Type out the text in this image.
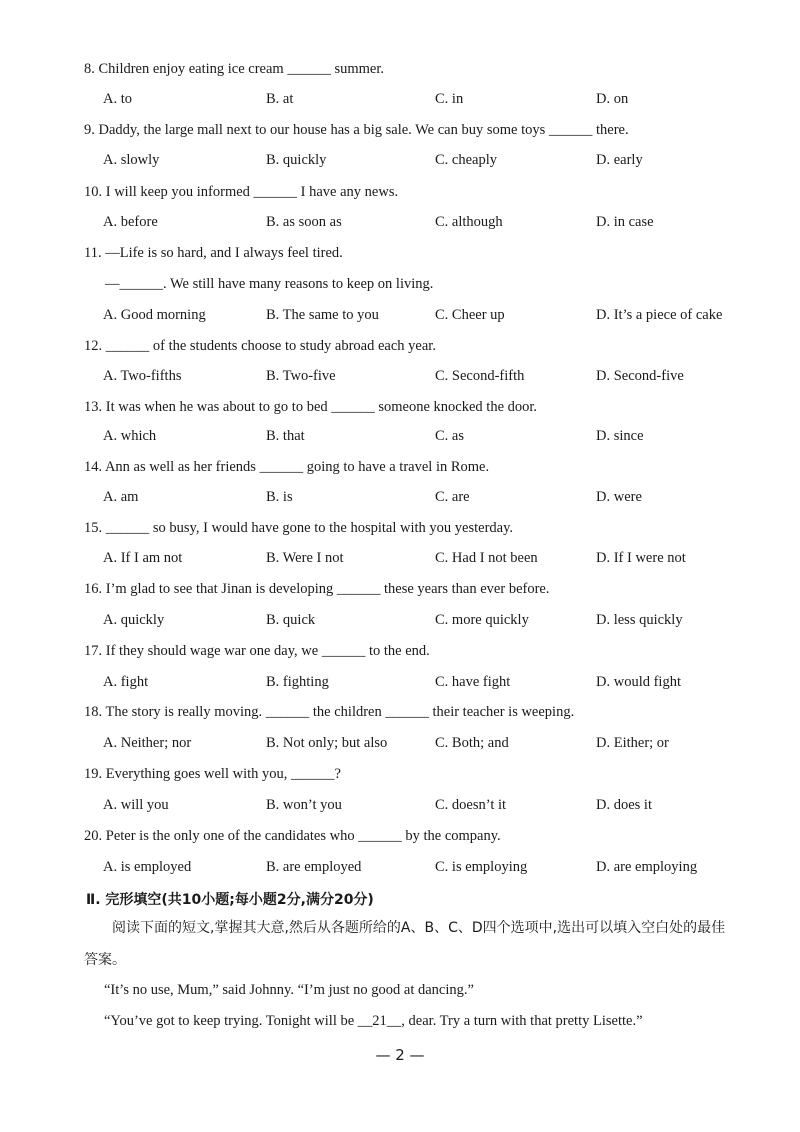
8. Children enjoy eating ice cream ______ summer.
A. to	B. at	C. in	D. on
9. Daddy, the large mall next to our house has a big sale. We can buy some toys ______ there.
A. slowly	B. quickly	C. cheaply	D. early
10. I will keep you informed ______ I have any news.
A. before	B. as soon as	C. although	D. in case
11. —Life is so hard, and I always feel tired.
—______. We still have many reasons to keep on living.
A. Good morning	B. The same to you	C. Cheer up	D. It’s a piece of cake
12. ______ of the students choose to study abroad each year.
A. Two-fifths	B. Two-five	C. Second-fifth	D. Second-five
13. It was when he was about to go to bed ______ someone knocked the door.
A. which	B. that	C. as	D. since
14. Ann as well as her friends ______ going to have a travel in Rome.
A. am	B. is	C. are	D. were
15. ______ so busy, I would have gone to the hospital with you yesterday.
A. If I am not	B. Were I not	C. Had I not been	D. If I were not
16. I’m glad to see that Jinan is developing ______ these years than ever before.
A. quickly	B. quick	C. more quickly	D. less quickly
17. If they should wage war one day, we ______ to the end.
A. fight	B. fighting	C. have fight	D. would fight
18. The story is really moving. ______ the children ______ their teacher is weeping.
A. Neither; nor	B. Not only; but also	C. Both; and	D. Either; or
19. Everything goes well with you, ______?
A. will you	B. won’t you	C. doesn’t it	D. does it
20. Peter is the only one of the candidates who ______ by the company.
A. is employed	B. are employed	C. is employing	D. are employing
Ⅱ. 完形填空(共10小题;每小题2分,满分20分)
阅读下面的短文,掌握其大意,然后从各题所给的A、B、C、D四个选项中,选出可以填入空白处的最佳答案。
“It’s no use, Mum,” said Johnny. “I’m just no good at dancing.”
“You’ve got to keep trying. Tonight will be __21__, dear. Try a turn with that pretty Lisette.”
— 2 —
